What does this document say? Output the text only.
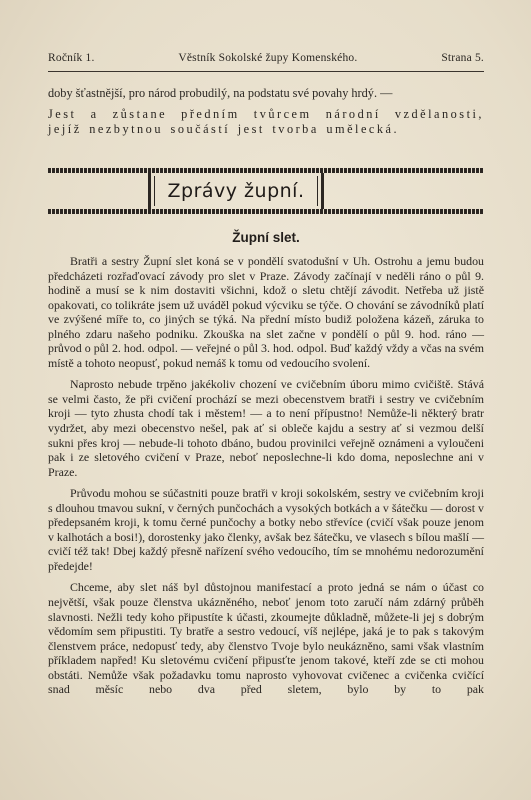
Ročník 1.	Věstník Sokolské župy Komenského.	Strana 5.

doby šťastnější, pro národ probudilý, na podstatu své povahy hrdý. —

Jest a zůstane předním tvůrcem národní vzdělanosti, jejíž nezbytnou součástí jest tvorba umělecká.

Zprávy župní.
Župní slet.

Bratři a sestry Župní slet koná se v pondělí svatodušní v Uh. Ostrohu a jemu budou předcházeti rozřaďovací závody pro slet v Praze. Závody začínají v neděli ráno o půl 9. hodině a musí se k nim dostaviti všichni, kdož o sletu chtějí závodit. Netřeba už jistě opakovati, co tolikráte jsem už uváděl pokud výcviku se týče. O chování se závodníků platí ve zvýšené míře to, co jiných se týká. Na přední místo budiž položena kázeň, záruka to plného zdaru našeho podniku. Zkouška na slet začne v pondělí o půl 9. hod. ráno — průvod o půl 2. hod. odpol. — veřejné o půl 3. hod. odpol. Buď každý vždy a včas na svém místě a tohoto neopusť, pokud nemáš k tomu od vedoucího svolení.

Naprosto nebude trpěno jakékoliv chození ve cvičebním úboru mimo cvičiště. Stává se velmi často, že při cvičení prochází se mezi obecenstvem bratři i sestry ve cvičebním kroji — tyto zhusta chodí tak i městem! — a to není přípustno! Nemůže-li některý bratr vydržet, aby mezi obecenstvo nešel, pak ať si obleče kajdu a sestry ať si vezmou delší sukni přes kroj — nebude-li tohoto dbáno, budou provinilci veřejně oznámeni a vyloučeni pak i ze sletového cvičení v Praze, neboť neposlechne-li kdo doma, neposlechne ani v Praze.

Průvodu mohou se súčastniti pouze bratři v kroji sokolském, sestry ve cvičebním kroji s dlouhou tmavou sukní, v černých punčochách a vysokých botkách a v šátečku — dorost v předepsaném kroji, k tomu černé punčochy a botky nebo střevíce (cvičí však pouze jenom v kalhotách a bosi!), dorostenky jako členky, avšak bez šátečku, ve vlasech s bílou mašlí — cvičí též tak! Dbej každý přesně nařízení svého vedoucího, tím se mnohému nedorozumění předejde!

Chceme, aby slet náš byl důstojnou manifestací a proto jedná se nám o účast co největší, však pouze členstva ukázněného, neboť jenom toto zaručí nám zdárný průběh slavnosti. Nežli tedy koho připustíte k účasti, zkoumejte důkladně, můžete-li jej s dobrým vědomím sem připustiti. Ty bratře a sestro vedoucí, víš nejlépe, jaká je to pak s takovým členstvem práce, nedopusť tedy, aby členstvo Tvoje bylo neukázněno, sami však vlastním příkladem napřed! Ku sletovému cvičení připusťte jenom takové, kteří zde se cti mohou obstáti. Nemůže však požadavku tomu naprosto vyhovovat cvičenec a cvičenka cvičící snad měsíc nebo dva před sletem, bylo by to pak
